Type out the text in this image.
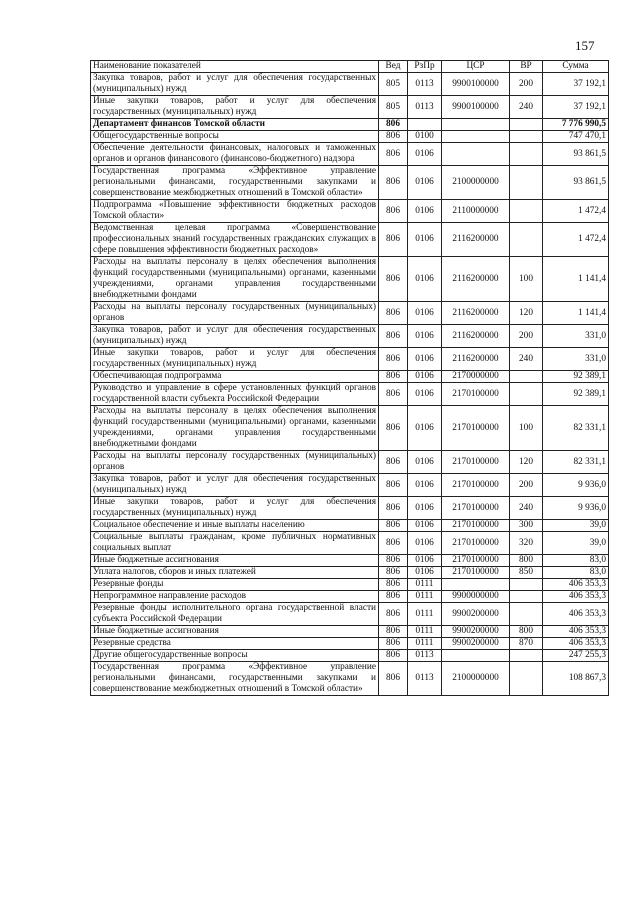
157
Наименование показателей	Вед	РзПр	ЦСР	ВР	Сумма
Закупка товаров, работ и услуг для обеспечения государственных (муниципальных) нужд	805	0113	9900100000	200	37 192,1
Иные закупки товаров, работ и услуг для обеспечения государственных (муниципальных) нужд	805	0113	9900100000	240	37 192,1
Департамент финансов Томской области	806				7 776 990,5
Общегосударственные вопросы	806	0100			747 470,1
Обеспечение деятельности финансовых, налоговых и таможенных органов и органов финансового (финансово-бюджетного) надзора	806	0106			93 861,5
Государственная программа «Эффективное управление региональными финансами, государственными закупками и совершенствование межбюджетных отношений в Томской области»	806	0106	2100000000		93 861,5
Подпрограмма «Повышение эффективности бюджетных расходов Томской области»	806	0106	2110000000		1 472,4
Ведомственная целевая программа «Совершенствование профессиональных знаний государственных гражданских служащих в сфере повышения эффективности бюджетных расходов»	806	0106	2116200000		1 472,4
Расходы на выплаты персоналу в целях обеспечения выполнения функций государственными (муниципальными) органами, казенными учреждениями, органами управления государственными внебюджетными фондами	806	0106	2116200000	100	1 141,4
Расходы на выплаты персоналу государственных (муниципальных) органов	806	0106	2116200000	120	1 141,4
Закупка товаров, работ и услуг для обеспечения государственных (муниципальных) нужд	806	0106	2116200000	200	331,0
Иные закупки товаров, работ и услуг для обеспечения государственных (муниципальных) нужд	806	0106	2116200000	240	331,0
Обеспечивающая подпрограмма	806	0106	2170000000		92 389,1
Руководство и управление в сфере установленных функций органов государственной власти субъекта Российской Федерации	806	0106	2170100000		92 389,1
Расходы на выплаты персоналу в целях обеспечения выполнения функций государственными (муниципальными) органами, казенными учреждениями, органами управления государственными внебюджетными фондами	806	0106	2170100000	100	82 331,1
Расходы на выплаты персоналу государственных (муниципальных) органов	806	0106	2170100000	120	82 331,1
Закупка товаров, работ и услуг для обеспечения государственных (муниципальных) нужд	806	0106	2170100000	200	9 936,0
Иные закупки товаров, работ и услуг для обеспечения государственных (муниципальных) нужд	806	0106	2170100000	240	9 936,0
Социальное обеспечение и иные выплаты населению	806	0106	2170100000	300	39,0
Социальные выплаты гражданам, кроме публичных нормативных социальных выплат	806	0106	2170100000	320	39,0
Иные бюджетные ассигнования	806	0106	2170100000	800	83,0
Уплата налогов, сборов и иных платежей	806	0106	2170100000	850	83,0
Резервные фонды	806	0111			406 353,3
Непрограммное направление расходов	806	0111	9900000000		406 353,3
Резервные фонды исполнительного органа государственной власти субъекта Российской Федерации	806	0111	9900200000		406 353,3
Иные бюджетные ассигнования	806	0111	9900200000	800	406 353,3
Резервные средства	806	0111	9900200000	870	406 353,3
Другие общегосударственные вопросы	806	0113			247 255,3
Государственная программа «Эффективное управление региональными финансами, государственными закупками и совершенствование межбюджетных отношений в Томской области»	806	0113	2100000000		108 867,3
